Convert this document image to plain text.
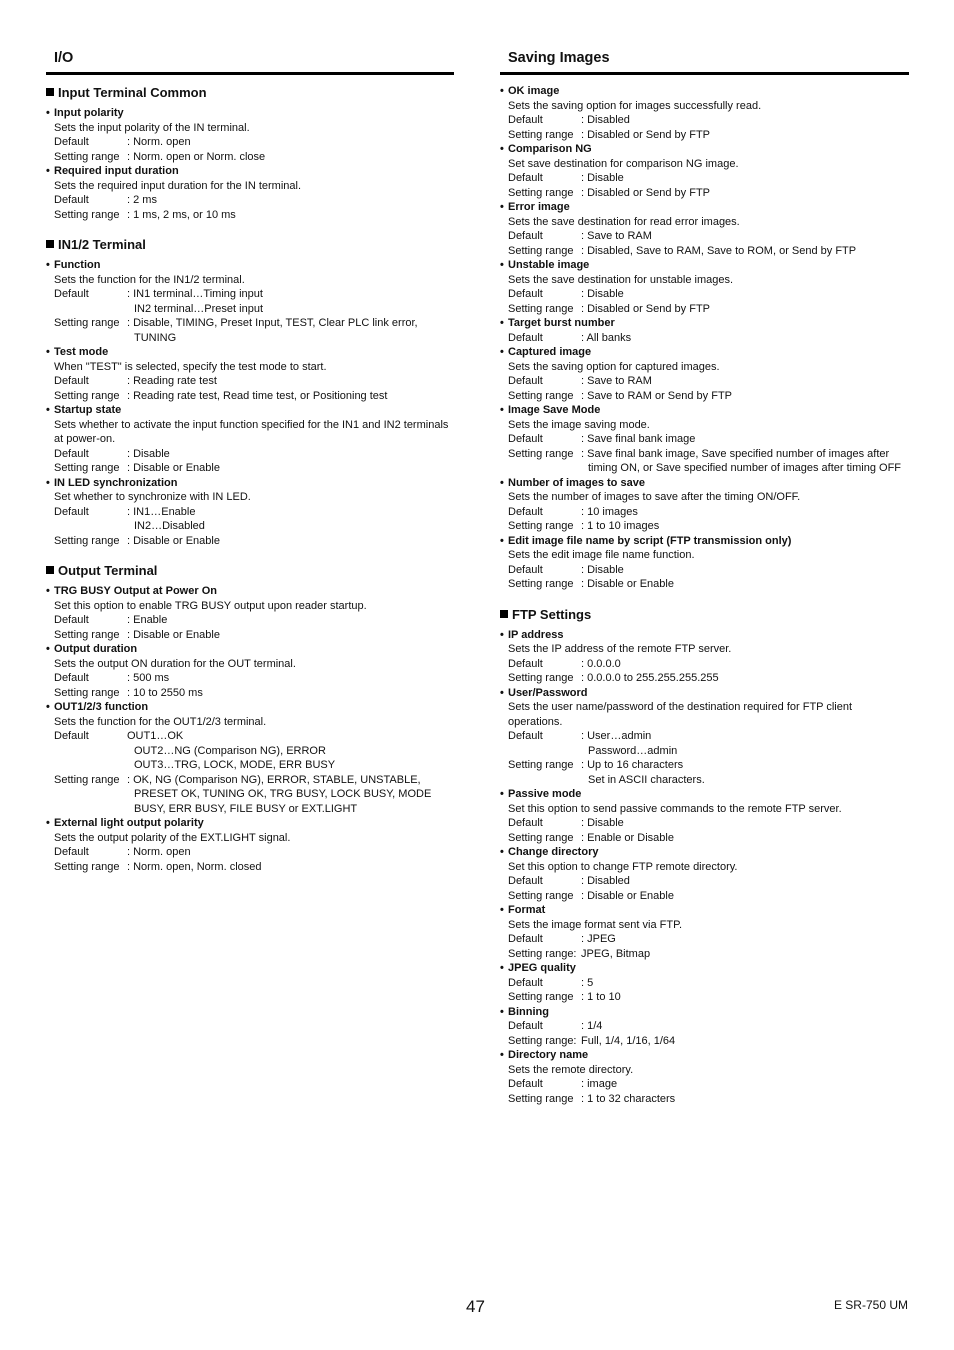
I/O
Input Terminal Common
• Input polarity
Sets the input polarity of the IN terminal.
Default	: Norm. open
Setting range : Norm. open or Norm. close
• Required input duration
Sets the required input duration for the IN terminal.
Default	: 2 ms
Setting range : 1 ms, 2 ms, or 10 ms
IN1/2 Terminal
• Function
Sets the function for the IN1/2 terminal.
Default	: IN1 terminal…Timing input
IN2 terminal…Preset input
Setting range : Disable, TIMING, Preset Input, TEST, Clear PLC link error,
TUNING
• Test mode
When "TEST" is selected, specify the test mode to start.
Default	: Reading rate test
Setting range : Reading rate test, Read time test, or Positioning test
• Startup state
Sets whether to activate the input function specified for the IN1 and IN2 terminals
at power-on.
Default	: Disable
Setting range : Disable or Enable
• IN LED synchronization
Set whether to synchronize with IN LED.
Default	: IN1…Enable
IN2…Disabled
Setting range : Disable or Enable
Output Terminal
• TRG BUSY Output at Power On
Set this option to enable TRG BUSY output upon reader startup.
Default	: Enable
Setting range : Disable or Enable
• Output duration
Sets the output ON duration for the OUT terminal.
Default	: 500 ms
Setting range : 10 to 2550 ms
• OUT1/2/3 function
Sets the function for the OUT1/2/3 terminal.
Default	OUT1…OK
OUT2…NG (Comparison NG), ERROR
OUT3…TRG, LOCK, MODE, ERR BUSY
Setting range : OK, NG (Comparison NG), ERROR, STABLE, UNSTABLE,
PRESET OK, TUNING OK, TRG BUSY, LOCK BUSY, MODE
BUSY, ERR BUSY, FILE BUSY or EXT.LIGHT
• External light output polarity
Sets the output polarity of the EXT.LIGHT signal.
Default	: Norm. open
Setting range : Norm. open, Norm. closed
Saving Images
• OK image
Sets the saving option for images successfully read.
Default	: Disabled
Setting range : Disabled or Send by FTP
• Comparison NG
Set save destination for comparison NG image.
Default	: Disable
Setting range : Disabled or Send by FTP
• Error image
Sets the save destination for read error images.
Default	: Save to RAM
Setting range : Disabled, Save to RAM, Save to ROM, or Send by FTP
• Unstable image
Sets the save destination for unstable images.
Default	: Disable
Setting range : Disabled or Send by FTP
• Target burst number
Default	: All banks
• Captured image
Sets the saving option for captured images.
Default	: Save to RAM
Setting range : Save to RAM or Send by FTP
• Image Save Mode
Sets the image saving mode.
Default	: Save final bank image
Setting range : Save final bank image, Save specified number of images after
timing ON, or Save specified number of images after timing OFF
• Number of images to save
Sets the number of images to save after the timing ON/OFF.
Default	: 10 images
Setting range : 1 to 10 images
• Edit image file name by script (FTP transmission only)
Sets the edit image file name function.
Default	: Disable
Setting range : Disable or Enable
FTP Settings
• IP address
Sets the IP address of the remote FTP server.
Default	: 0.0.0.0
Setting range : 0.0.0.0 to 255.255.255.255
• User/Password
Sets the user name/password of the destination required for FTP client
operations.
Default	: User…admin
Password…admin
Setting range : Up to 16 characters
Set in ASCII characters.
• Passive mode
Set this option to send passive commands to the remote FTP server.
Default	: Disable
Setting range : Enable or Disable
• Change directory
Set this option to change FTP remote directory.
Default	: Disabled
Setting range : Disable or Enable
• Format
Sets the image format sent via FTP.
Default	: JPEG
Setting range: JPEG, Bitmap
• JPEG quality
Default	: 5
Setting range : 1 to 10
• Binning
Default	: 1/4
Setting range: Full, 1/4, 1/16, 1/64
• Directory name
Sets the remote directory.
Default	: image
Setting range : 1 to 32 characters
47	E SR-750 UM
